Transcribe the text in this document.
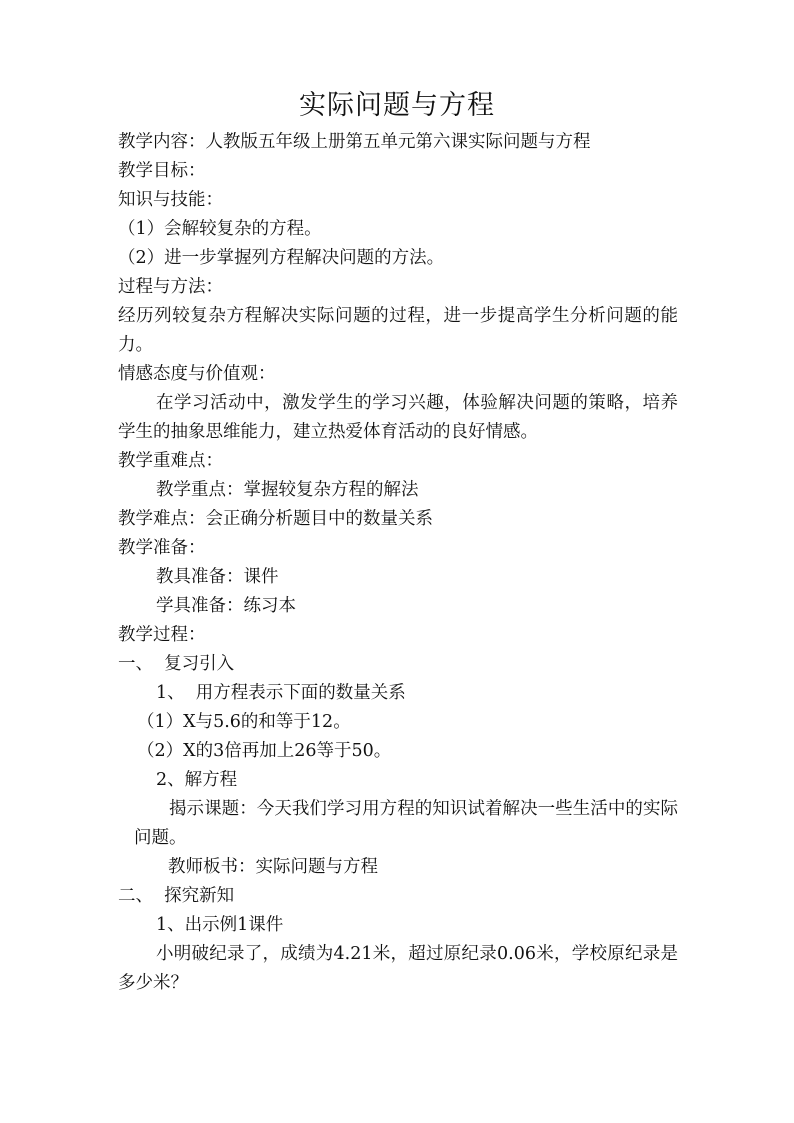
实际问题与方程
教学内容：人教版五年级上册第五单元第六课实际问题与方程
教学目标：
知识与技能：
（1）会解较复杂的方程。
（2）进一步掌握列方程解决问题的方法。
过程与方法：
经历列较复杂方程解决实际问题的过程，进一步提高学生分析问题的能力。
情感态度与价值观：
在学习活动中，激发学生的学习兴趣，体验解决问题的策略，培养学生的抽象思维能力，建立热爱体育活动的良好情感。
教学重难点：
教学重点：掌握较复杂方程的解法
教学难点：会正确分析题目中的数量关系
教学准备：
教具准备：课件
学具准备：练习本
教学过程：
一、  复习引入
1、  用方程表示下面的数量关系
（1）X与5.6的和等于12。
（2）X的3倍再加上26等于50。
2、解方程
揭示课题：今天我们学习用方程的知识试着解决一些生活中的实际问题。
教师板书：实际问题与方程
二、  探究新知
1、出示例1课件
小明破纪录了，成绩为4.21米，超过原纪录0.06米，学校原纪录是多少米？
